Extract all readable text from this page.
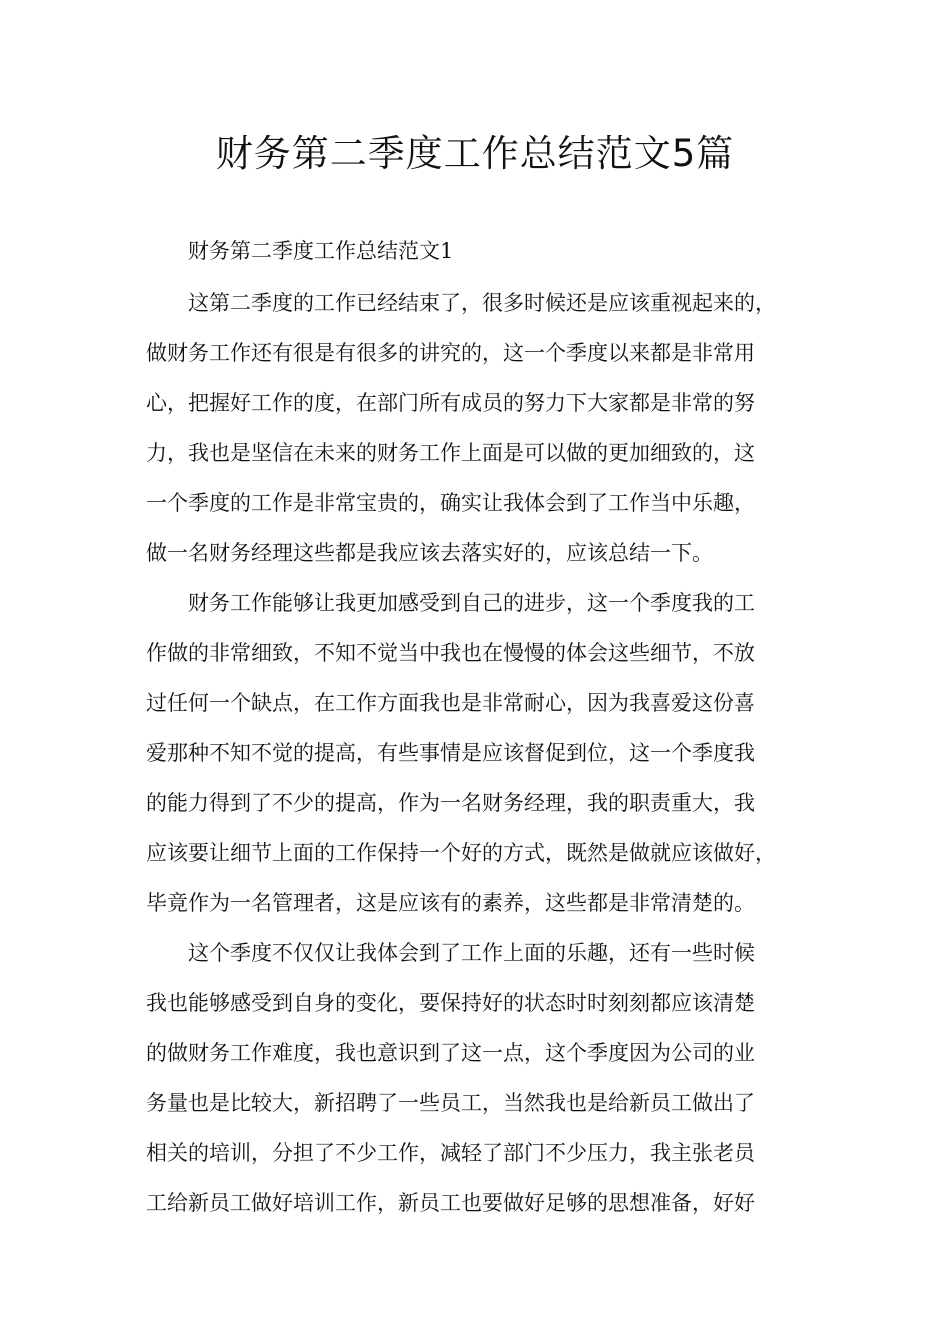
财务第二季度工作总结范文5篇
财务第二季度工作总结范文1
这第二季度的工作已经结束了，很多时候还是应该重视起来的，
做财务工作还有很是有很多的讲究的，这一个季度以来都是非常用
心，把握好工作的度，在部门所有成员的努力下大家都是非常的努
力，我也是坚信在未来的财务工作上面是可以做的更加细致的，这
一个季度的工作是非常宝贵的，确实让我体会到了工作当中乐趣，
做一名财务经理这些都是我应该去落实好的，应该总结一下。
财务工作能够让我更加感受到自己的进步，这一个季度我的工
作做的非常细致，不知不觉当中我也在慢慢的体会这些细节，不放
过任何一个缺点，在工作方面我也是非常耐心，因为我喜爱这份喜
爱那种不知不觉的提高，有些事情是应该督促到位，这一个季度我
的能力得到了不少的提高，作为一名财务经理，我的职责重大，我
应该要让细节上面的工作保持一个好的方式，既然是做就应该做好，
毕竟作为一名管理者，这是应该有的素养，这些都是非常清楚的。
这个季度不仅仅让我体会到了工作上面的乐趣，还有一些时候
我也能够感受到自身的变化，要保持好的状态时时刻刻都应该清楚
的做财务工作难度，我也意识到了这一点，这个季度因为公司的业
务量也是比较大，新招聘了一些员工，当然我也是给新员工做出了
相关的培训，分担了不少工作，减轻了部门不少压力，我主张老员
工给新员工做好培训工作，新员工也要做好足够的思想准备，好好
